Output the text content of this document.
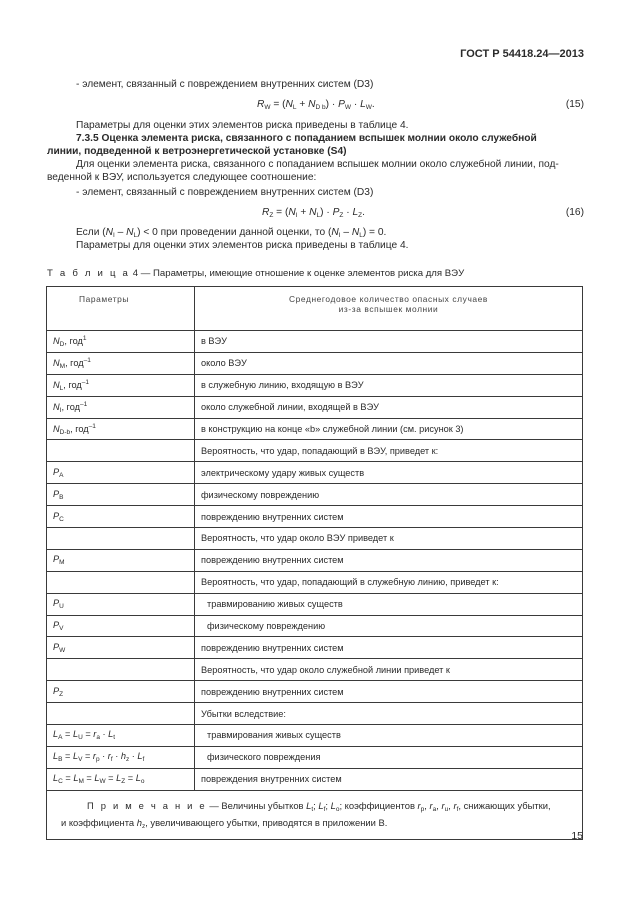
ГОСТ Р 54418.24—2013
- элемент, связанный с повреждением внутренних систем (D3)
$R_W = (N_L + N_{D b}) \cdot P_W \cdot L_W$.	(15)
Параметры для оценки этих элементов риска приведены в таблице 4.
7.3.5 Оценка элемента риска, связанного с попаданием вспышек молнии около служебной
линии, подведенной к ветроэнергетической установке (S4)
Для оценки элемента риска, связанного с попаданием вспышек молнии около служебной линии, под-
веденной к ВЭУ, используется следующее соотношение:
- элемент, связанный с повреждением внутренних систем (D3)
$R_Z = (N_I + N_L) \cdot P_Z \cdot L_Z$.	(16)
Если $(N_I - N_L) < 0$ при проведении данной оценки, то $(N_I - N_L) = 0$.
Параметры для оценки этих элементов риска приведены в таблице 4.
Т а б л и ц а 4 — Параметры, имеющие отношение к оценке элементов риска для ВЭУ
Параметры	Среднегодовое количество опасных случаев
из-за вспышек молнии

$N_D$, год$^1$	в ВЭУ
$N_M$, год$^{-1}$	около ВЭУ
$N_L$, год$^{-1}$	в служебную линию, входящую в ВЭУ
$N_I$, год$^{-1}$	около служебной линии, входящей в ВЭУ
$N_{D-b}$, год$^{-1}$	в конструкцию на конце «b» служебной линии (см. рисунок 3)
	Вероятность, что удар, попадающий в ВЭУ, приведет к:
$P_A$	электрическому удару живых существ
$P_B$	физическому повреждению
$P_C$	повреждению внутренних систем
	Вероятность, что удар около ВЭУ приведет к
$P_M$	повреждению внутренних систем
	Вероятность, что удар, попадающий в служебную линию, приведет к:
$P_U$	травмированию живых существ
$P_V$	физическому повреждению
$P_W$	повреждению внутренних систем
	Вероятность, что удар около служебной линии приведет к
$P_Z$	повреждению внутренних систем
	Убытки вследствие:
$L_A = L_U = r_a \cdot L_t$	травмирования живых существ
$L_B = L_V = r_p \cdot r_f \cdot h_z \cdot L_f$	физического повреждения
$L_C = L_M = L_W = L_Z = L_o$	повреждения внутренних систем
П р и м е ч а н и е — Величины убытков $L_t$; $L_f$; $L_o$; коэффициентов $r_p$, $r_a$, $r_u$, $r_f$, снижающих убытки,
и коэффициента $h_z$, увеличивающего убытки, приводятся в приложении В.	
15
